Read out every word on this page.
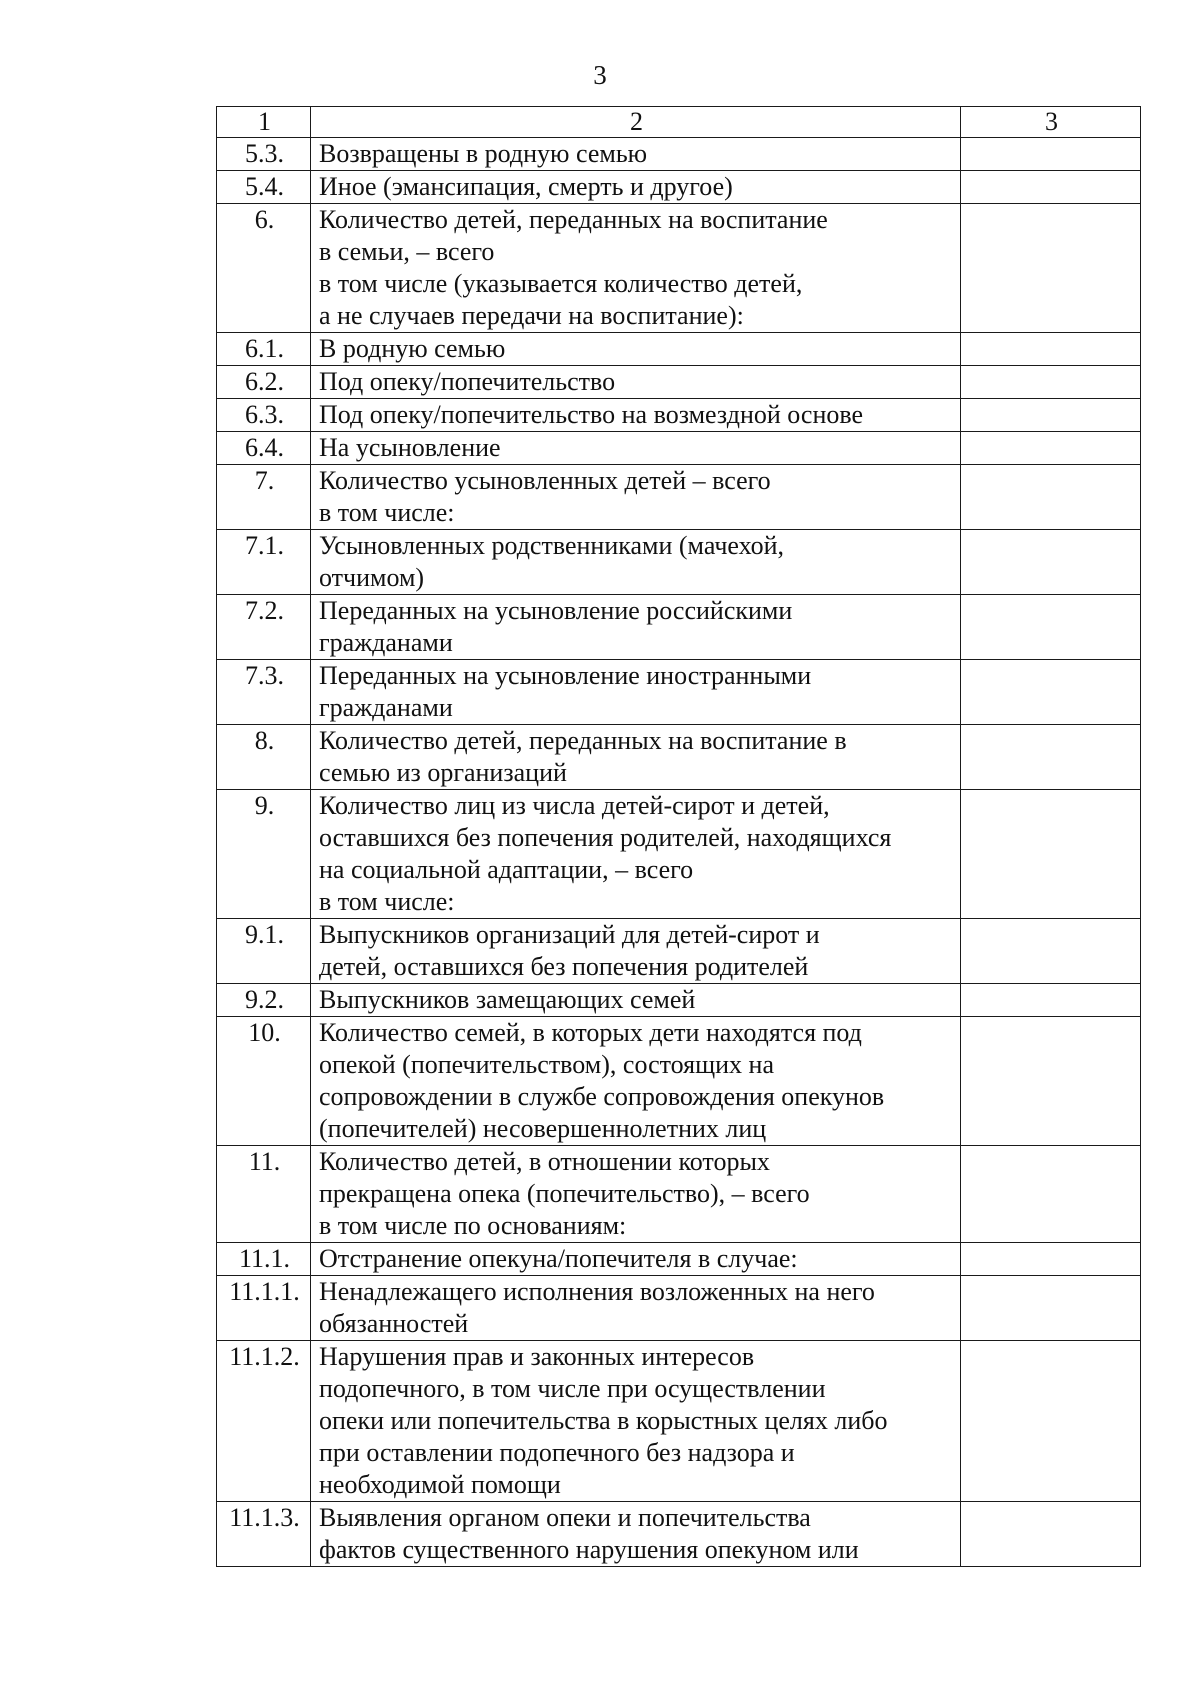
3
1	2	3
5.3.	Возвращены в родную семью	
5.4.	Иное (эмансипация, смерть и другое)	
6.	Количество детей, переданных на воспитание
в семьи, – всего
в том числе (указывается количество детей,
а не случаев передачи на воспитание):	
6.1.	В родную семью	
6.2.	Под опеку/попечительство	
6.3.	Под опеку/попечительство на возмездной основе	
6.4.	На усыновление	
7.	Количество усыновленных детей – всего
в том числе:	
7.1.	Усыновленных родственниками (мачехой,
отчимом)	
7.2.	Переданных на усыновление российскими
гражданами	
7.3.	Переданных на усыновление иностранными
гражданами	
8.	Количество детей, переданных на воспитание в
семью из организаций	
9.	Количество лиц из числа детей-сирот и детей,
оставшихся без попечения родителей, находящихся
на социальной адаптации, – всего
в том числе:	
9.1.	Выпускников организаций для детей-сирот и
детей, оставшихся без попечения родителей	
9.2.	Выпускников замещающих семей	
10.	Количество семей, в которых дети находятся под
опекой (попечительством), состоящих на
сопровождении в службе сопровождения опекунов
(попечителей) несовершеннолетних лиц	
11.	Количество детей, в отношении которых
прекращена опека (попечительство), – всего
в том числе по основаниям:	
11.1.	Отстранение опекуна/попечителя в случае:	
11.1.1.	Ненадлежащего исполнения возложенных на него
обязанностей	
11.1.2.	Нарушения прав и законных интересов
подопечного, в том числе при осуществлении
опеки или попечительства в корыстных целях либо
при оставлении подопечного без надзора и
необходимой помощи	
11.1.3.	Выявления органом опеки и попечительства
фактов существенного нарушения опекуном или	
